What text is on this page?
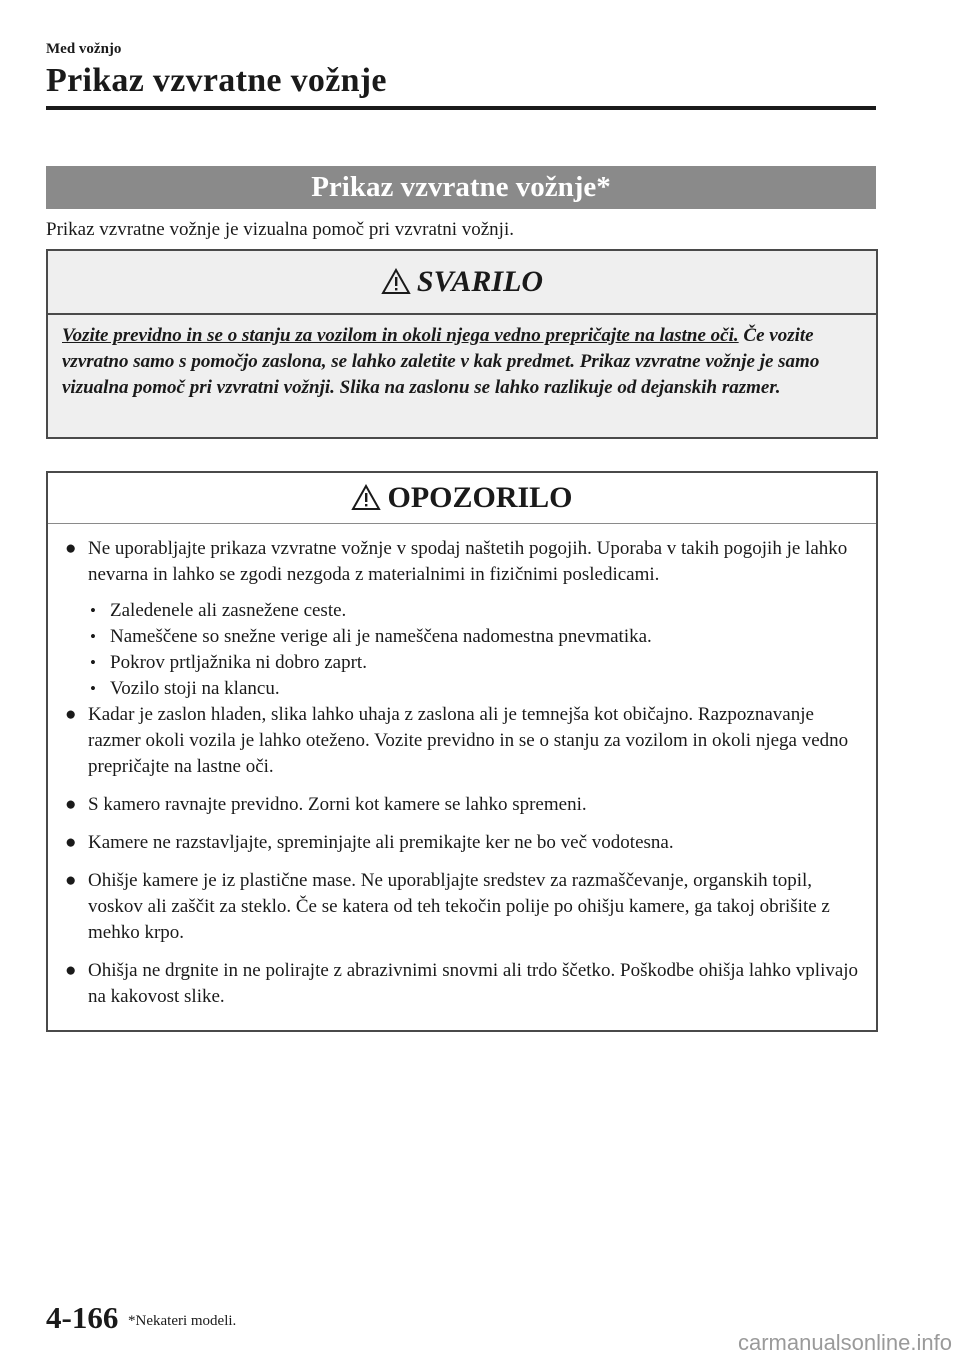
Med vožnjo
Prikaz vzvratne vožnje
Prikaz vzvratne vožnje*
Prikaz vzvratne vožnje je vizualna pomoč pri vzvratni vožnji.
SVARILO
Vozite previdno in se o stanju za vozilom in okoli njega vedno prepričajte na lastne oči. Če vozite vzvratno samo s pomočjo zaslona, se lahko zaletite v kak predmet. Prikaz vzvratne vožnje je samo vizualna pomoč pri vzvratni vožnji. Slika na zaslonu se lahko razlikuje od dejanskih razmer.
OPOZORILO
● Ne uporabljajte prikaza vzvratne vožnje v spodaj naštetih pogojih. Uporaba v takih pogojih je lahko nevarna in lahko se zgodi nezgoda z materialnimi in fizičnimi posledicami.
• Zaledenele ali zasnežene ceste.
• Nameščene so snežne verige ali je nameščena nadomestna pnevmatika.
• Pokrov prtljažnika ni dobro zaprt.
• Vozilo stoji na klancu.
● Kadar je zaslon hladen, slika lahko uhaja z zaslona ali je temnejša kot običajno. Razpoznavanje razmer okoli vozila je lahko oteženo. Vozite previdno in se o stanju za vozilom in okoli njega vedno prepričajte na lastne oči.
● S kamero ravnajte previdno. Zorni kot kamere se lahko spremeni.
● Kamere ne razstavljajte, spreminjajte ali premikajte ker ne bo več vodotesna.
● Ohišje kamere je iz plastične mase. Ne uporabljajte sredstev za razmaščevanje, organskih topil, voskov ali zaščit za steklo. Če se katera od teh tekočin polije po ohišju kamere, ga takoj obrišite z mehko krpo.
● Ohišja ne drgnite in ne polirajte z abrazivnimi snovmi ali trdo ščetko. Poškodbe ohišja lahko vplivajo na kakovost slike.
4-166 *Nekateri modeli.
carmanualsonline.info
